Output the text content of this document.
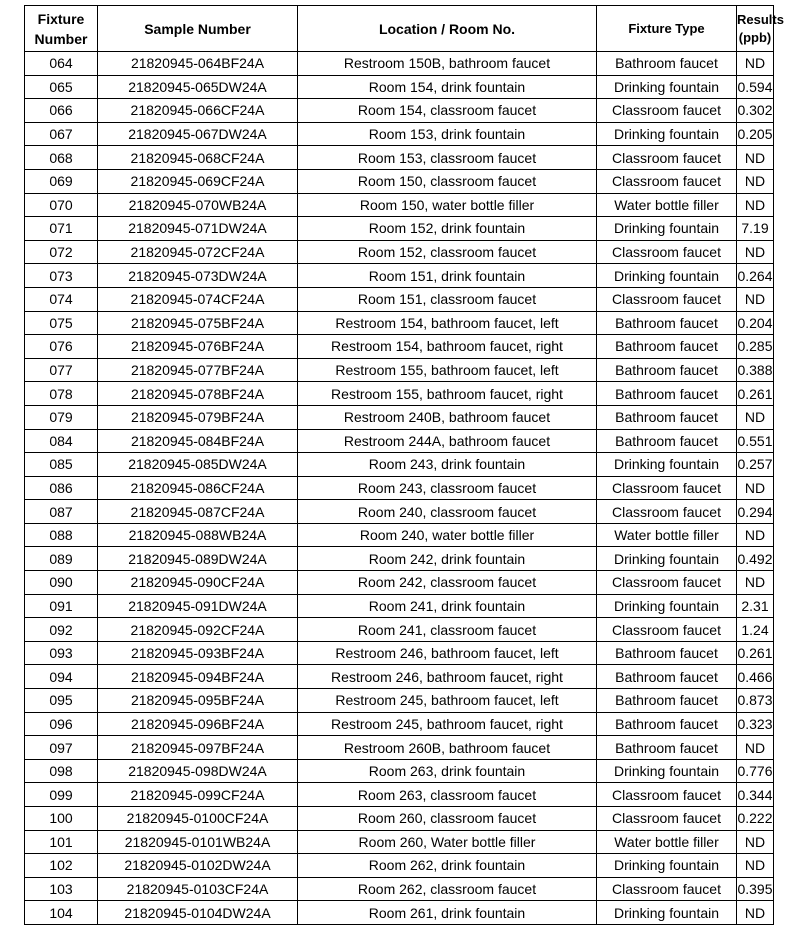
Fixture
Number	Sample Number	Location / Room No.	Fixture Type	Results
(ppb)
064	21820945-064BF24A	Restroom 150B, bathroom faucet	Bathroom faucet	ND
065	21820945-065DW24A	Room 154, drink fountain	Drinking fountain	0.594
066	21820945-066CF24A	Room 154, classroom faucet	Classroom faucet	0.302
067	21820945-067DW24A	Room 153, drink fountain	Drinking fountain	0.205
068	21820945-068CF24A	Room 153, classroom faucet	Classroom faucet	ND
069	21820945-069CF24A	Room 150, classroom faucet	Classroom faucet	ND
070	21820945-070WB24A	Room 150, water bottle filler	Water bottle filler	ND
071	21820945-071DW24A	Room 152, drink fountain	Drinking fountain	7.19
072	21820945-072CF24A	Room 152, classroom faucet	Classroom faucet	ND
073	21820945-073DW24A	Room 151, drink fountain	Drinking fountain	0.264
074	21820945-074CF24A	Room 151, classroom faucet	Classroom faucet	ND
075	21820945-075BF24A	Restroom 154, bathroom faucet, left	Bathroom faucet	0.204
076	21820945-076BF24A	Restroom 154, bathroom faucet, right	Bathroom faucet	0.285
077	21820945-077BF24A	Restroom 155, bathroom faucet, left	Bathroom faucet	0.388
078	21820945-078BF24A	Restroom 155, bathroom faucet, right	Bathroom faucet	0.261
079	21820945-079BF24A	Restroom 240B, bathroom faucet	Bathroom faucet	ND
084	21820945-084BF24A	Restroom 244A, bathroom faucet	Bathroom faucet	0.551
085	21820945-085DW24A	Room 243, drink fountain	Drinking fountain	0.257
086	21820945-086CF24A	Room 243, classroom faucet	Classroom faucet	ND
087	21820945-087CF24A	Room 240, classroom faucet	Classroom faucet	0.294
088	21820945-088WB24A	Room 240, water bottle filler	Water bottle filler	ND
089	21820945-089DW24A	Room 242, drink fountain	Drinking fountain	0.492
090	21820945-090CF24A	Room 242, classroom faucet	Classroom faucet	ND
091	21820945-091DW24A	Room 241, drink fountain	Drinking fountain	2.31
092	21820945-092CF24A	Room 241, classroom faucet	Classroom faucet	1.24
093	21820945-093BF24A	Restroom 246, bathroom faucet, left	Bathroom faucet	0.261
094	21820945-094BF24A	Restroom 246, bathroom faucet, right	Bathroom faucet	0.466
095	21820945-095BF24A	Restroom 245, bathroom faucet, left	Bathroom faucet	0.873
096	21820945-096BF24A	Restroom 245, bathroom faucet, right	Bathroom faucet	0.323
097	21820945-097BF24A	Restroom 260B, bathroom faucet	Bathroom faucet	ND
098	21820945-098DW24A	Room 263, drink fountain	Drinking fountain	0.776
099	21820945-099CF24A	Room 263, classroom faucet	Classroom faucet	0.344
100	21820945-0100CF24A	Room 260, classroom faucet	Classroom faucet	0.222
101	21820945-0101WB24A	Room 260, Water bottle filler	Water bottle filler	ND
102	21820945-0102DW24A	Room 262, drink fountain	Drinking fountain	ND
103	21820945-0103CF24A	Room 262, classroom faucet	Classroom faucet	0.395
104	21820945-0104DW24A	Room 261, drink fountain	Drinking fountain	ND
